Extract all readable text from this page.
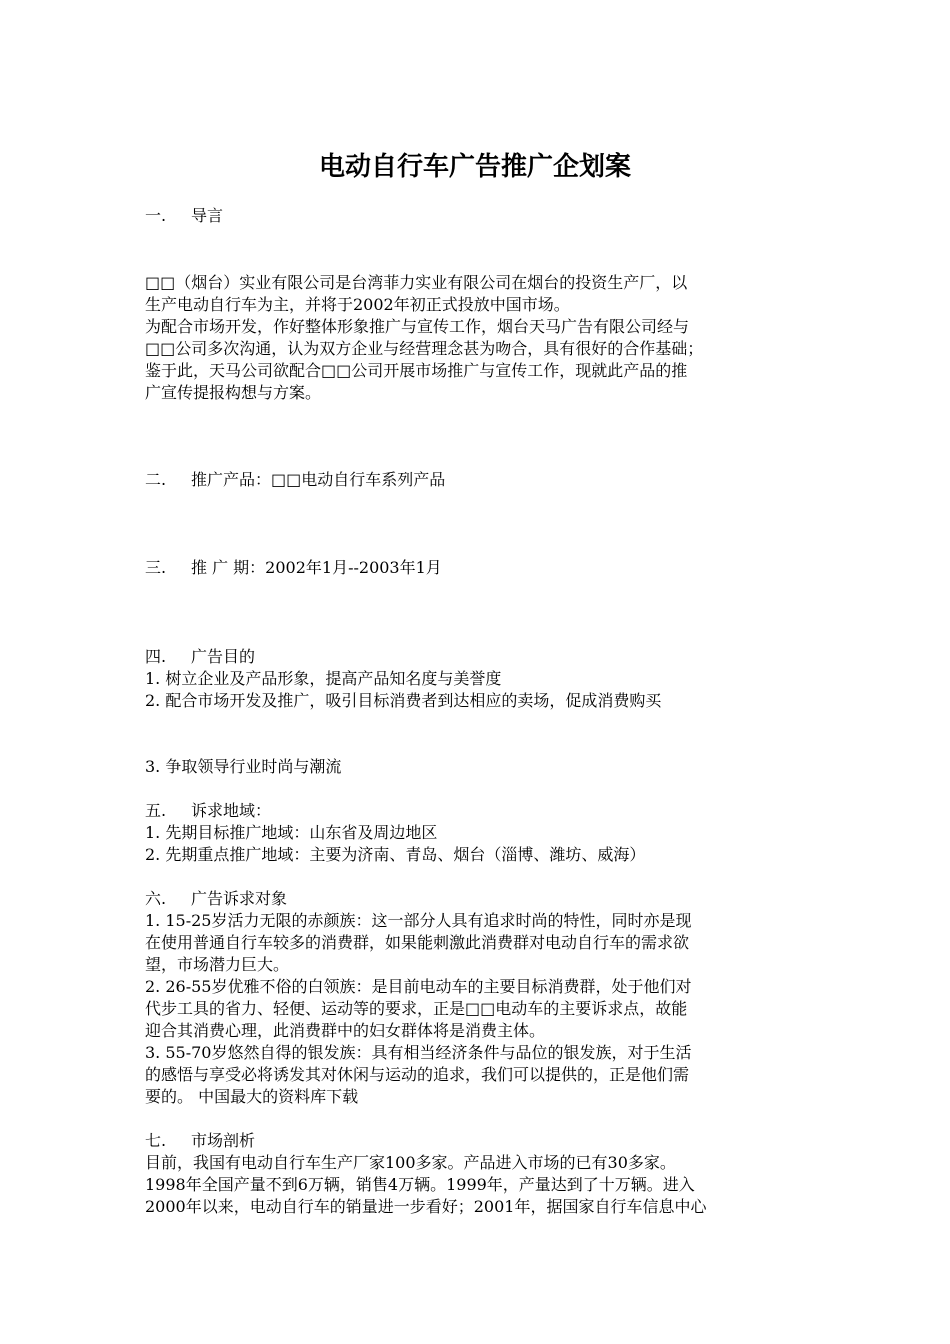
电动自行车广告推广企划案
一. 导言
□□（烟台）实业有限公司是台湾菲力实业有限公司在烟台的投资生产厂，以
生产电动自行车为主，并将于2002年初正式投放中国市场。
为配合市场开发，作好整体形象推广与宣传工作，烟台天马广告有限公司经与
□□公司多次沟通，认为双方企业与经营理念甚为吻合，具有很好的合作基础；
鉴于此，天马公司欲配合□□公司开展市场推广与宣传工作，现就此产品的推
广宣传提报构想与方案。
二. 推广产品：□□电动自行车系列产品
三. 推 广 期：2002年1月--2003年1月
四. 广告目的
1. 树立企业及产品形象，提高产品知名度与美誉度
2. 配合市场开发及推广，吸引目标消费者到达相应的卖场，促成消费购买
3. 争取领导行业时尚与潮流
五. 诉求地域：
1. 先期目标推广地域：山东省及周边地区
2. 先期重点推广地域：主要为济南、青岛、烟台（淄博、潍坊、威海）
六. 广告诉求对象
1. 15-25岁活力无限的赤颜族：这一部分人具有追求时尚的特性，同时亦是现
在使用普通自行车较多的消费群，如果能刺激此消费群对电动自行车的需求欲
望，市场潜力巨大。
2. 26-55岁优雅不俗的白领族：是目前电动车的主要目标消费群，处于他们对
代步工具的省力、轻便、运动等的要求，正是□□电动车的主要诉求点，故能
迎合其消费心理，此消费群中的妇女群体将是消费主体。
3. 55-70岁悠然自得的银发族：具有相当经济条件与品位的银发族，对于生活
的感悟与享受必将诱发其对休闲与运动的追求，我们可以提供的，正是他们需
要的。 中国最大的资料库下载
七. 市场剖析
目前，我国有电动自行车生产厂家100多家。产品进入市场的已有30多家。
1998年全国产量不到6万辆，销售4万辆。1999年，产量达到了十万辆。进入
2000年以来，电动自行车的销量进一步看好；2001年，据国家自行车信息中心
